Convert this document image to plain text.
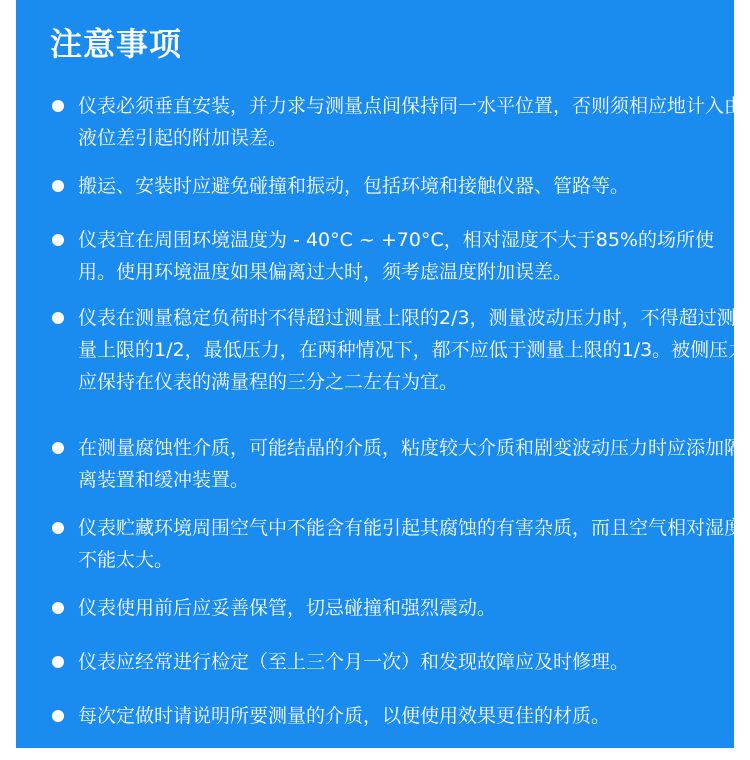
注意事项
仪表必须垂直安装，并力求与测量点间保持同一水平位置，否则须相应地计入由液位差引起的附加误差。
搬运、安装时应避免碰撞和振动，包括环境和接触仪器、管路等。
仪表宜在周围环境温度为 - 40°C ~ +70°C，相对湿度不大于85%的场所使用。使用环境温度如果偏离过大时，须考虑温度附加误差。
仪表在测量稳定负荷时不得超过测量上限的2/3，测量波动压力时，不得超过测量上限的1/2，最低压力，在两种情况下，都不应低于测量上限的1/3。被侧压力应保持在仪表的满量程的三分之二左右为宜。
在测量腐蚀性介质，可能结晶的介质，粘度较大介质和剧变波动压力时应添加隔离装置和缓冲装置。
仪表贮藏环境周围空气中不能含有能引起其腐蚀的有害杂质，而且空气相对湿度不能太大。
仪表使用前后应妥善保管，切忌碰撞和强烈震动。
仪表应经常进行检定（至上三个月一次）和发现故障应及时修理。
每次定做时请说明所要测量的介质，以便使用效果更佳的材质。
